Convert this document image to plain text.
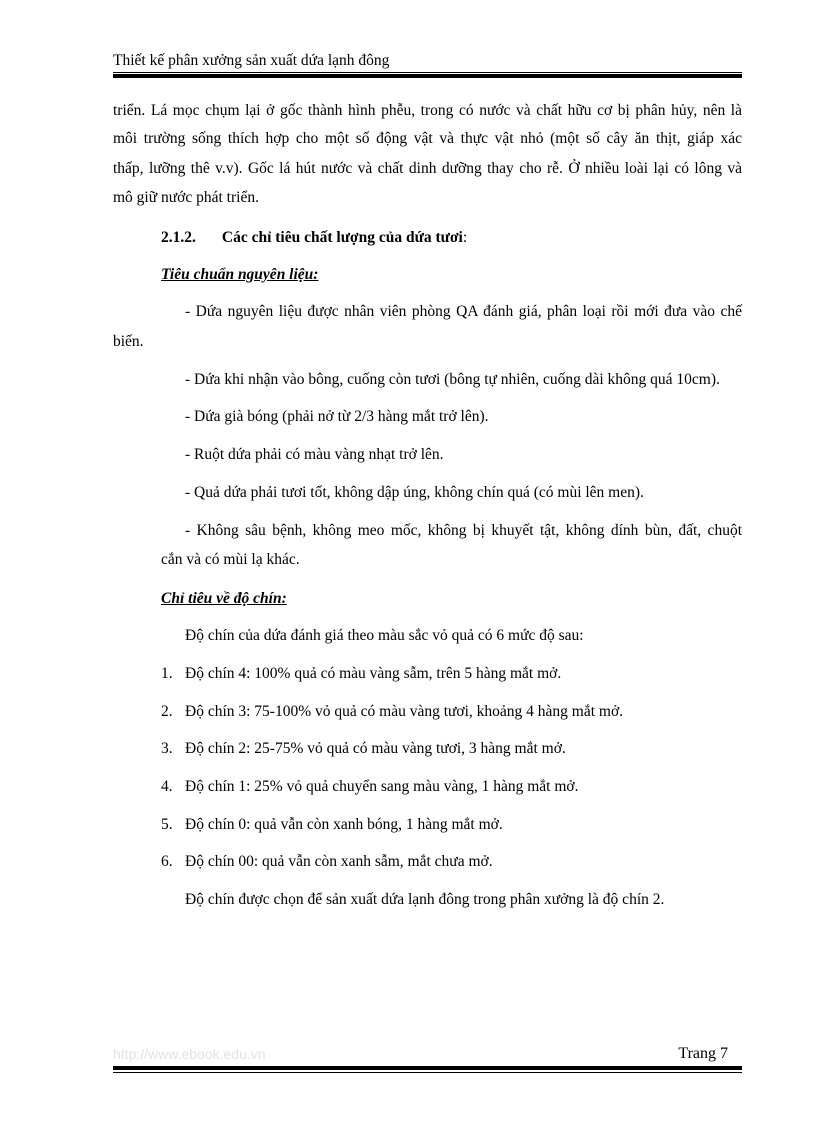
Thiết kế phân xưởng sản xuất dứa lạnh đông
triển. Lá mọc chụm lại ở gốc thành hình phễu, trong có nước và chất hữu cơ bị phân hủy, nên là
môi trường sống thích hợp cho một số động vật và thực vật nhỏ (một số cây ăn thịt, giáp xác
thấp, lưỡng thê v.v). Gốc lá hút nước và chất dinh dưỡng thay cho rễ. Ở nhiều loài lại có lông và
mô giữ nước phát triển.
2.1.2. Các chỉ tiêu chất lượng của dứa tươi:
Tiêu chuẩn nguyên liệu:
- Dứa nguyên liệu được nhân viên phòng QA đánh giá, phân loại rồi mới đưa vào chế
biến.
- Dứa khi nhận vào bông, cuống còn tươi (bông tự nhiên, cuống dài không quá 10cm).
- Dứa già bóng (phải nở từ 2/3 hàng mắt trở lên).
- Ruột dứa phải có màu vàng nhạt trở lên.
- Quả dứa phải tươi tốt, không dập úng, không chín quá (có mùi lên men).
- Không sâu bệnh, không meo mốc, không bị khuyết tật, không dính bùn, đất, chuột
cắn và có mùi lạ khác.
Chỉ tiêu về độ chín:
Độ chín của dứa đánh giá theo màu sắc vỏ quả có 6 mức độ sau:
1. Độ chín 4: 100% quả có màu vàng sẫm, trên 5 hàng mắt mở.
2. Độ chín 3: 75-100% vỏ quả có màu vàng tươi, khoảng 4 hàng mắt mở.
3. Độ chín 2: 25-75% vỏ quả có màu vàng tươi, 3 hàng mắt mở.
4. Độ chín 1: 25% vỏ quả chuyển sang màu vàng, 1 hàng mắt mở.
5. Độ chín 0: quả vẫn còn xanh bóng, 1 hàng mắt mở.
6. Độ chín 00: quả vẫn còn xanh sẫm, mắt chưa mở.
Độ chín được chọn để sản xuất dứa lạnh đông trong phân xưởng là độ chín 2.
http://www.ebook.edu.vn	Trang 7
